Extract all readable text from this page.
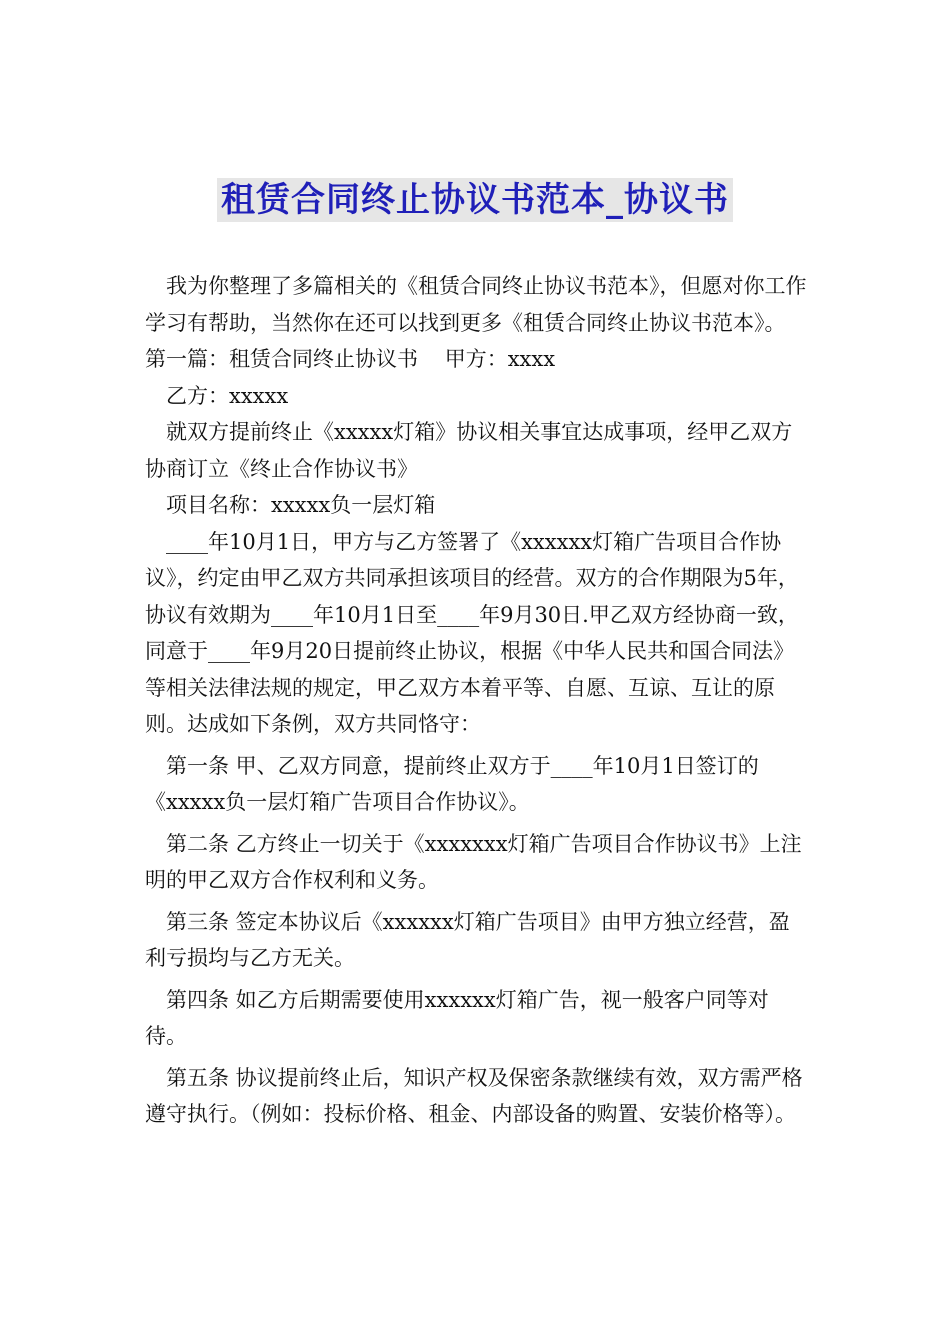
租赁合同终止协议书范本_协议书

我为你整理了多篇相关的《租赁合同终止协议书范本》，但愿对你工作学习有帮助，当然你在还可以找到更多《租赁合同终止协议书范本》。

第一篇：租赁合同终止协议书    甲方：xxxx

乙方：xxxxx

就双方提前终止《xxxxx灯箱》协议相关事宜达成事项，经甲乙双方协商订立《终止合作协议书》

项目名称：xxxxx负一层灯箱

____年10月1日，甲方与乙方签署了《xxxxxx灯箱广告项目合作协议》，约定由甲乙双方共同承担该项目的经营。双方的合作期限为5年，协议有效期为____年10月1日至____年9月30日.甲乙双方经协商一致，同意于____年9月20日提前终止协议，根据《中华人民共和国合同法》等相关法律法规的规定，甲乙双方本着平等、自愿、互谅、互让的原则。达成如下条例，双方共同恪守：

第一条 甲、乙双方同意，提前终止双方于____年10月1日签订的《xxxxx负一层灯箱广告项目合作协议》。

第二条 乙方终止一切关于《xxxxxxx灯箱广告项目合作协议书》上注明的甲乙双方合作权利和义务。

第三条 签定本协议后《xxxxxx灯箱广告项目》由甲方独立经营，盈利亏损均与乙方无关。

第四条 如乙方后期需要使用xxxxxx灯箱广告，视一般客户同等对待。

第五条 协议提前终止后，知识产权及保密条款继续有效，双方需严格遵守执行。（例如：投标价格、租金、内部设备的购置、安装价格等）。
